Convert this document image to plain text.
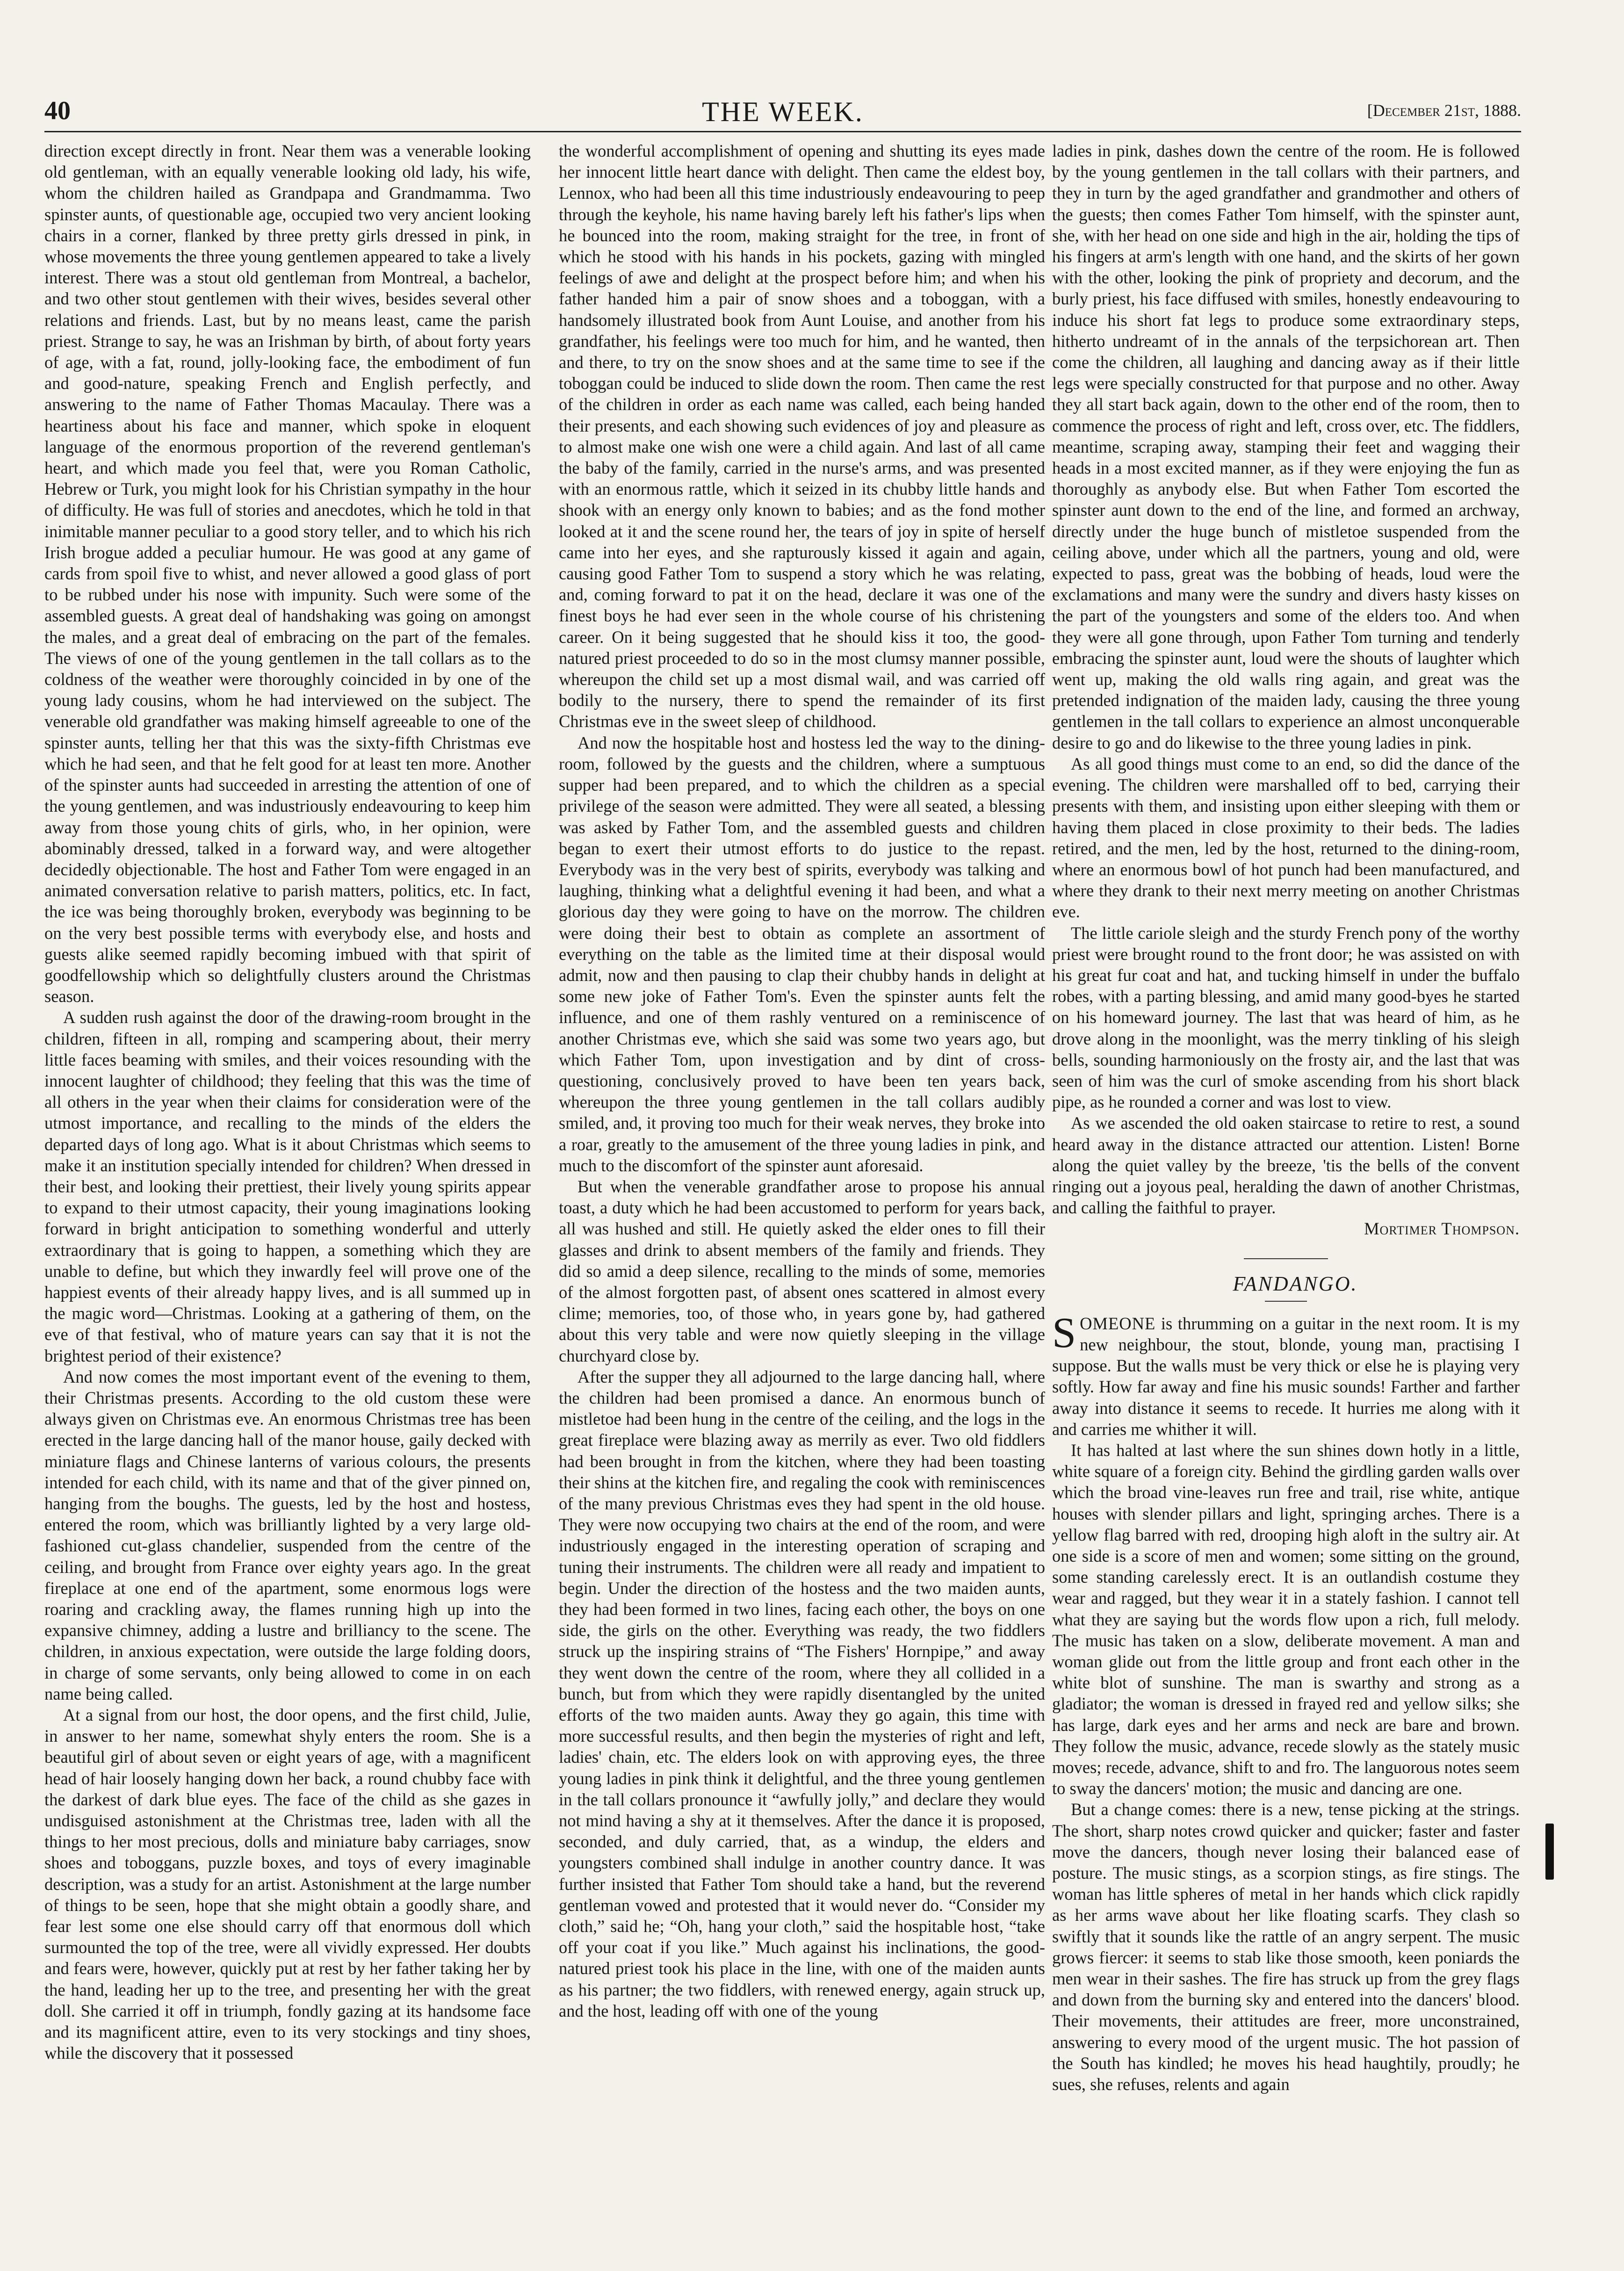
40	THE WEEK.	[December 21st, 1888.

direction except directly in front. Near them was a venerable looking old gentleman, with an equally venerable looking old lady, his wife, whom the children hailed as Grandpapa and Grandmamma. Two spinster aunts, of questionable age, occupied two very ancient looking chairs in a corner, flanked by three pretty girls dressed in pink, in whose movements the three young gentlemen appeared to take a lively interest. There was a stout old gentleman from Montreal, a bachelor, and two other stout gentlemen with their wives, besides several other relations and friends. Last, but by no means least, came the parish priest. Strange to say, he was an Irishman by birth, of about forty years of age, with a fat, round, jolly-looking face, the embodiment of fun and good-nature, speaking French and English perfectly, and answering to the name of Father Thomas Macaulay. There was a heartiness about his face and manner, which spoke in eloquent language of the enormous proportion of the reverend gentleman's heart, and which made you feel that, were you Roman Catholic, Hebrew or Turk, you might look for his Christian sympathy in the hour of difficulty. He was full of stories and anecdotes, which he told in that inimitable manner peculiar to a good story teller, and to which his rich Irish brogue added a peculiar humour. He was good at any game of cards from spoil five to whist, and never allowed a good glass of port to be rubbed under his nose with impunity. Such were some of the assembled guests. A great deal of handshaking was going on amongst the males, and a great deal of embracing on the part of the females. The views of one of the young gentlemen in the tall collars as to the coldness of the weather were thoroughly coincided in by one of the young lady cousins, whom he had interviewed on the subject. The venerable old grandfather was making himself agreeable to one of the spinster aunts, telling her that this was the sixty-fifth Christmas eve which he had seen, and that he felt good for at least ten more. Another of the spinster aunts had succeeded in arresting the attention of one of the young gentlemen, and was industriously endeavouring to keep him away from those young chits of girls, who, in her opinion, were abominably dressed, talked in a forward way, and were altogether decidedly objectionable. The host and Father Tom were engaged in an animated conversation relative to parish matters, politics, etc. In fact, the ice was being thoroughly broken, everybody was beginning to be on the very best possible terms with everybody else, and hosts and guests alike seemed rapidly becoming imbued with that spirit of goodfellowship which so delightfully clusters around the Christmas season.

A sudden rush against the door of the drawing-room brought in the children, fifteen in all, romping and scampering about, their merry little faces beaming with smiles, and their voices resounding with the innocent laughter of childhood; they feeling that this was the time of all others in the year when their claims for consideration were of the utmost importance, and recalling to the minds of the elders the departed days of long ago. What is it about Christmas which seems to make it an institution specially intended for children? When dressed in their best, and looking their prettiest, their lively young spirits appear to expand to their utmost capacity, their young imaginations looking forward in bright anticipation to something wonderful and utterly extraordinary that is going to happen, a something which they are unable to define, but which they inwardly feel will prove one of the happiest events of their already happy lives, and is all summed up in the magic word—Christmas. Looking at a gathering of them, on the eve of that festival, who of mature years can say that it is not the brightest period of their existence?

And now comes the most important event of the evening to them, their Christmas presents. According to the old custom these were always given on Christmas eve. An enormous Christmas tree has been erected in the large dancing hall of the manor house, gaily decked with miniature flags and Chinese lanterns of various colours, the presents intended for each child, with its name and that of the giver pinned on, hanging from the boughs. The guests, led by the host and hostess, entered the room, which was brilliantly lighted by a very large old-fashioned cut-glass chandelier, suspended from the centre of the ceiling, and brought from France over eighty years ago. In the great fireplace at one end of the apartment, some enormous logs were roaring and crackling away, the flames running high up into the expansive chimney, adding a lustre and brilliancy to the scene. The children, in anxious expectation, were outside the large folding doors, in charge of some servants, only being allowed to come in on each name being called.

At a signal from our host, the door opens, and the first child, Julie, in answer to her name, somewhat shyly enters the room. She is a beautiful girl of about seven or eight years of age, with a magnificent head of hair loosely hanging down her back, a round chubby face with the darkest of dark blue eyes. The face of the child as she gazes in undisguised astonishment at the Christmas tree, laden with all the things to her most precious, dolls and miniature baby carriages, snow shoes and toboggans, puzzle boxes, and toys of every imaginable description, was a study for an artist. Astonishment at the large number of things to be seen, hope that she might obtain a goodly share, and fear lest some one else should carry off that enormous doll which surmounted the top of the tree, were all vividly expressed. Her doubts and fears were, however, quickly put at rest by her father taking her by the hand, leading her up to the tree, and presenting her with the great doll. She carried it off in triumph, fondly gazing at its handsome face and its magnificent attire, even to its very stockings and tiny shoes, while the discovery that it possessed

the wonderful accomplishment of opening and shutting its eyes made her innocent little heart dance with delight. Then came the eldest boy, Lennox, who had been all this time industriously endeavouring to peep through the keyhole, his name having barely left his father's lips when he bounced into the room, making straight for the tree, in front of which he stood with his hands in his pockets, gazing with mingled feelings of awe and delight at the prospect before him; and when his father handed him a pair of snow shoes and a toboggan, with a handsomely illustrated book from Aunt Louise, and another from his grandfather, his feelings were too much for him, and he wanted, then and there, to try on the snow shoes and at the same time to see if the toboggan could be induced to slide down the room. Then came the rest of the children in order as each name was called, each being handed their presents, and each showing such evidences of joy and pleasure as to almost make one wish one were a child again. And last of all came the baby of the family, carried in the nurse's arms, and was presented with an enormous rattle, which it seized in its chubby little hands and shook with an energy only known to babies; and as the fond mother looked at it and the scene round her, the tears of joy in spite of herself came into her eyes, and she rapturously kissed it again and again, causing good Father Tom to suspend a story which he was relating, and, coming forward to pat it on the head, declare it was one of the finest boys he had ever seen in the whole course of his christening career. On it being suggested that he should kiss it too, the good-natured priest proceeded to do so in the most clumsy manner possible, whereupon the child set up a most dismal wail, and was carried off bodily to the nursery, there to spend the remainder of its first Christmas eve in the sweet sleep of childhood.

And now the hospitable host and hostess led the way to the dining-room, followed by the guests and the children, where a sumptuous supper had been prepared, and to which the children as a special privilege of the season were admitted. They were all seated, a blessing was asked by Father Tom, and the assembled guests and children began to exert their utmost efforts to do justice to the repast. Everybody was in the very best of spirits, everybody was talking and laughing, thinking what a delightful evening it had been, and what a glorious day they were going to have on the morrow. The children were doing their best to obtain as complete an assortment of everything on the table as the limited time at their disposal would admit, now and then pausing to clap their chubby hands in delight at some new joke of Father Tom's. Even the spinster aunts felt the influence, and one of them rashly ventured on a reminiscence of another Christmas eve, which she said was some two years ago, but which Father Tom, upon investigation and by dint of cross-questioning, conclusively proved to have been ten years back, whereupon the three young gentlemen in the tall collars audibly smiled, and, it proving too much for their weak nerves, they broke into a roar, greatly to the amusement of the three young ladies in pink, and much to the discomfort of the spinster aunt aforesaid.

But when the venerable grandfather arose to propose his annual toast, a duty which he had been accustomed to perform for years back, all was hushed and still. He quietly asked the elder ones to fill their glasses and drink to absent members of the family and friends. They did so amid a deep silence, recalling to the minds of some, memories of the almost forgotten past, of absent ones scattered in almost every clime; memories, too, of those who, in years gone by, had gathered about this very table and were now quietly sleeping in the village churchyard close by.

After the supper they all adjourned to the large dancing hall, where the children had been promised a dance. An enormous bunch of mistletoe had been hung in the centre of the ceiling, and the logs in the great fireplace were blazing away as merrily as ever. Two old fiddlers had been brought in from the kitchen, where they had been toasting their shins at the kitchen fire, and regaling the cook with reminiscences of the many previous Christmas eves they had spent in the old house. They were now occupying two chairs at the end of the room, and were industriously engaged in the interesting operation of scraping and tuning their instruments. The children were all ready and impatient to begin. Under the direction of the hostess and the two maiden aunts, they had been formed in two lines, facing each other, the boys on one side, the girls on the other. Everything was ready, the two fiddlers struck up the inspiring strains of “The Fishers' Hornpipe,” and away they went down the centre of the room, where they all collided in a bunch, but from which they were rapidly disentangled by the united efforts of the two maiden aunts. Away they go again, this time with more successful results, and then begin the mysteries of right and left, ladies' chain, etc. The elders look on with approving eyes, the three young ladies in pink think it delightful, and the three young gentlemen in the tall collars pronounce it “awfully jolly,” and declare they would not mind having a shy at it themselves. After the dance it is proposed, seconded, and duly carried, that, as a windup, the elders and youngsters combined shall indulge in another country dance. It was further insisted that Father Tom should take a hand, but the reverend gentleman vowed and protested that it would never do. “Consider my cloth,” said he; “Oh, hang your cloth,” said the hospitable host, “take off your coat if you like.” Much against his inclinations, the good-natured priest took his place in the line, with one of the maiden aunts as his partner; the two fiddlers, with renewed energy, again struck up, and the host, leading off with one of the young

ladies in pink, dashes down the centre of the room. He is followed by the young gentlemen in the tall collars with their partners, and they in turn by the aged grandfather and grandmother and others of the guests; then comes Father Tom himself, with the spinster aunt, she, with her head on one side and high in the air, holding the tips of his fingers at arm's length with one hand, and the skirts of her gown with the other, looking the pink of propriety and decorum, and the burly priest, his face diffused with smiles, honestly endeavouring to induce his short fat legs to produce some extraordinary steps, hitherto undreamt of in the annals of the terpsichorean art. Then come the children, all laughing and dancing away as if their little legs were specially constructed for that purpose and no other. Away they all start back again, down to the other end of the room, then to commence the process of right and left, cross over, etc. The fiddlers, meantime, scraping away, stamping their feet and wagging their heads in a most excited manner, as if they were enjoying the fun as thoroughly as anybody else. But when Father Tom escorted the spinster aunt down to the end of the line, and formed an archway, directly under the huge bunch of mistletoe suspended from the ceiling above, under which all the partners, young and old, were expected to pass, great was the bobbing of heads, loud were the exclamations and many were the sundry and divers hasty kisses on the part of the youngsters and some of the elders too. And when they were all gone through, upon Father Tom turning and tenderly embracing the spinster aunt, loud were the shouts of laughter which went up, making the old walls ring again, and great was the pretended indignation of the maiden lady, causing the three young gentlemen in the tall collars to experience an almost unconquerable desire to go and do likewise to the three young ladies in pink.

As all good things must come to an end, so did the dance of the evening. The children were marshalled off to bed, carrying their presents with them, and insisting upon either sleeping with them or having them placed in close proximity to their beds. The ladies retired, and the men, led by the host, returned to the dining-room, where an enormous bowl of hot punch had been manufactured, and where they drank to their next merry meeting on another Christmas eve.

The little cariole sleigh and the sturdy French pony of the worthy priest were brought round to the front door; he was assisted on with his great fur coat and hat, and tucking himself in under the buffalo robes, with a parting blessing, and amid many good-byes he started on his homeward journey. The last that was heard of him, as he drove along in the moonlight, was the merry tinkling of his sleigh bells, sounding harmoniously on the frosty air, and the last that was seen of him was the curl of smoke ascending from his short black pipe, as he rounded a corner and was lost to view.

As we ascended the old oaken staircase to retire to rest, a sound heard away in the distance attracted our attention. Listen! Borne along the quiet valley by the breeze, 'tis the bells of the convent ringing out a joyous peal, heralding the dawn of another Christmas, and calling the faithful to prayer.

Mortimer Thompson.

FANDANGO.

SOMEONE is thrumming on a guitar in the next room. It is my new neighbour, the stout, blonde, young man, practising I suppose. But the walls must be very thick or else he is playing very softly. How far away and fine his music sounds! Farther and farther away into distance it seems to recede. It hurries me along with it and carries me whither it will.

It has halted at last where the sun shines down hotly in a little, white square of a foreign city. Behind the girdling garden walls over which the broad vine-leaves run free and trail, rise white, antique houses with slender pillars and light, springing arches. There is a yellow flag barred with red, drooping high aloft in the sultry air. At one side is a score of men and women; some sitting on the ground, some standing carelessly erect. It is an outlandish costume they wear and ragged, but they wear it in a stately fashion. I cannot tell what they are saying but the words flow upon a rich, full melody. The music has taken on a slow, deliberate movement. A man and woman glide out from the little group and front each other in the white blot of sunshine. The man is swarthy and strong as a gladiator; the woman is dressed in frayed red and yellow silks; she has large, dark eyes and her arms and neck are bare and brown. They follow the music, advance, recede slowly as the stately music moves; recede, advance, shift to and fro. The languorous notes seem to sway the dancers' motion; the music and dancing are one.

But a change comes: there is a new, tense picking at the strings. The short, sharp notes crowd quicker and quicker; faster and faster move the dancers, though never losing their balanced ease of posture. The music stings, as a scorpion stings, as fire stings. The woman has little spheres of metal in her hands which click rapidly as her arms wave about her like floating scarfs. They clash so swiftly that it sounds like the rattle of an angry serpent. The music grows fiercer: it seems to stab like those smooth, keen poniards the men wear in their sashes. The fire has struck up from the grey flags and down from the burning sky and entered into the dancers' blood. Their movements, their attitudes are freer, more unconstrained, answering to every mood of the urgent music. The hot passion of the South has kindled; he moves his head haughtily, proudly; he sues, she refuses, relents and again
